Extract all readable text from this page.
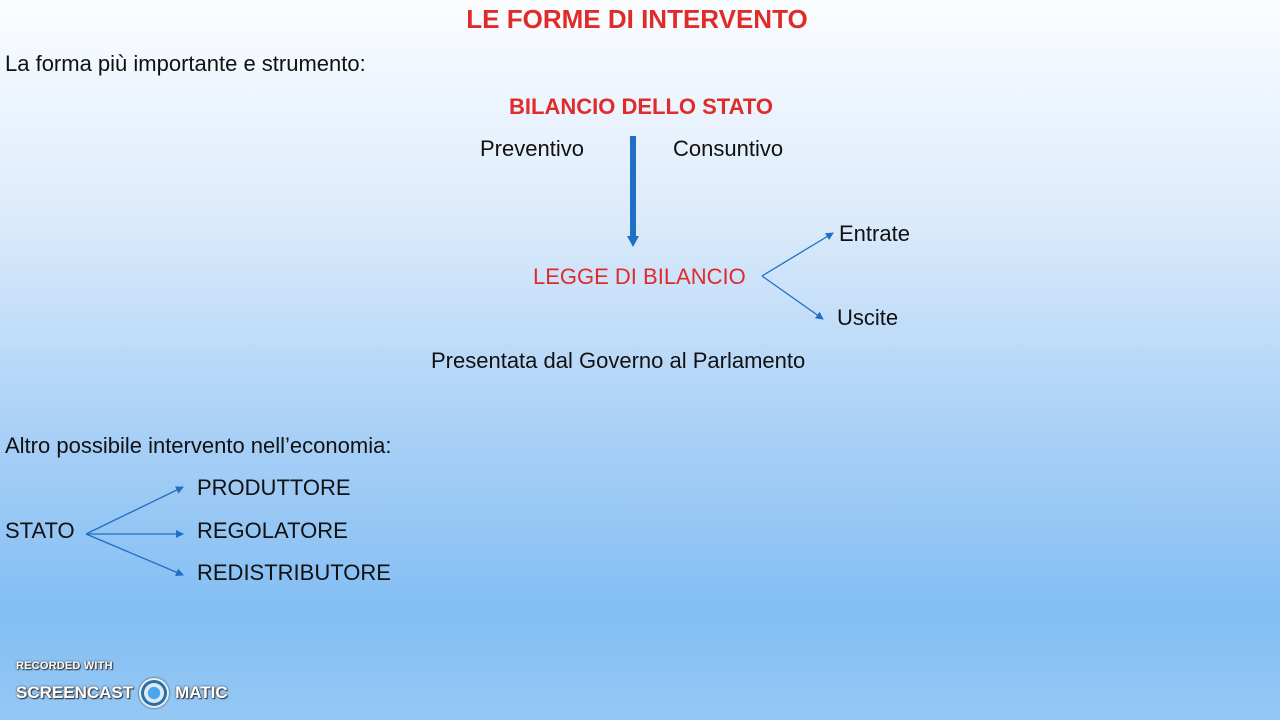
LE FORME DI INTERVENTO
La forma più importante e strumento:
BILANCIO DELLO STATO
Preventivo	Consuntivo
LEGGE DI BILANCIO
Entrate
Uscite
Presentata dal Governo al Parlamento
Altro possibile intervento nell’economia:
STATO
PRODUTTORE
REGOLATORE
REDISTRIBUTORE
RECORDED WITH
SCREENCAST MATIC
